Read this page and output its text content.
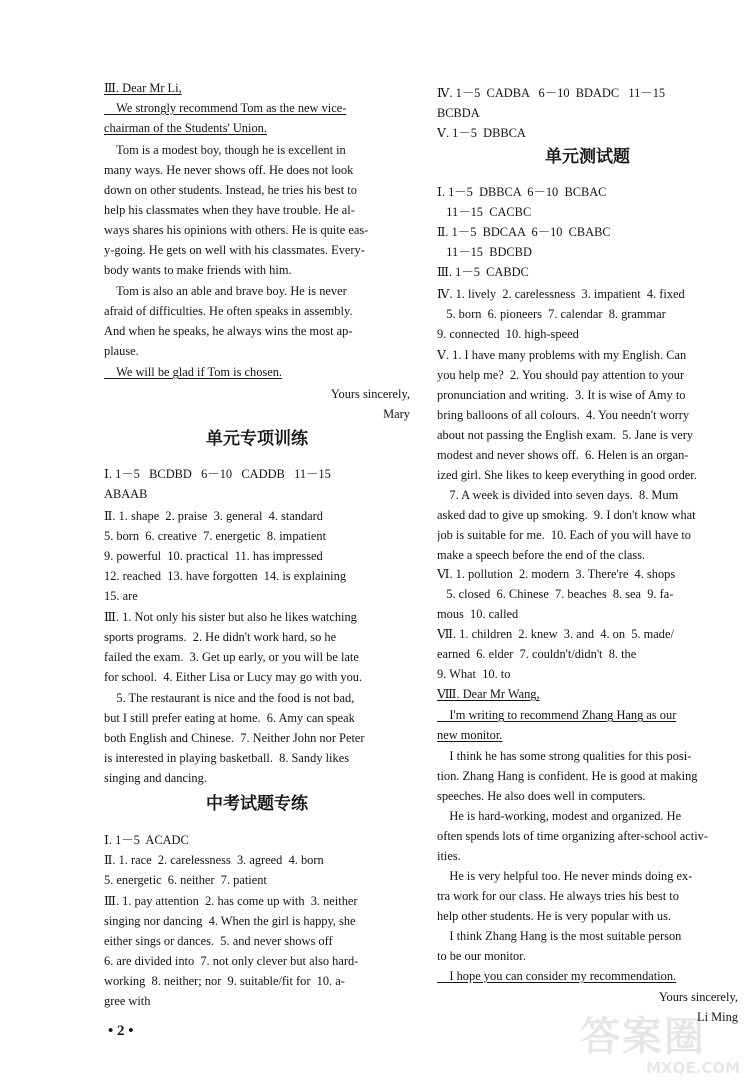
Ⅲ. Dear Mr Li,
We strongly recommend Tom as the new vice-
chairman of the Students' Union.
Tom is a modest boy, though he is excellent in
many ways. He never shows off. He does not look
down on other students. Instead, he tries his best to
help his classmates when they have trouble. He al-
ways shares his opinions with others. He is quite eas-
y-going. He gets on well with his classmates. Every-
body wants to make friends with him.
Tom is also an able and brave boy. He is never
afraid of difficulties. He often speaks in assembly.
And when he speaks, he always wins the most ap-
plause.
We will be glad if Tom is chosen.
Yours sincerely,
Mary
单元专项训练
Ⅰ. 1－5   BCDBD   6－10   CADDB   11－15
ABAAB
Ⅱ. 1. shape  2. praise  3. general  4. standard
5. born  6. creative  7. energetic  8. impatient
9. powerful  10. practical  11. has impressed
12. reached  13. have forgotten  14. is explaining
15. are
Ⅲ. 1. Not only his sister but also he likes watching
sports programs.  2. He didn't work hard, so he
failed the exam.  3. Get up early, or you will be late
for school.  4. Either Lisa or Lucy may go with you.
5. The restaurant is nice and the food is not bad,
but I still prefer eating at home.  6. Amy can speak
both English and Chinese.  7. Neither John nor Peter
is interested in playing basketball.  8. Sandy likes
singing and dancing.
中考试题专练
Ⅰ. 1－5  ACADC
Ⅱ. 1. race  2. carelessness  3. agreed  4. born
5. energetic  6. neither  7. patient
Ⅲ. 1. pay attention  2. has come up with  3. neither
singing nor dancing  4. When the girl is happy, she
either sings or dances.  5. and never shows off
6. are divided into  7. not only clever but also hard-
working  8. neither; nor  9. suitable/fit for  10. a-
gree with
Ⅳ. 1－5  CADBA   6－10  BDADC   11－15
BCBDA
Ⅴ. 1－5  DBBCA
单元测试题
Ⅰ. 1－5  DBBCA  6－10  BCBAC
11－15  CACBC
Ⅱ. 1－5  BDCAA  6－10  CBABC
11－15  BDCBD
Ⅲ. 1－5  CABDC
Ⅳ. 1. lively  2. carelessness  3. impatient  4. fixed
5. born  6. pioneers  7. calendar  8. grammar
9. connected  10. high-speed
Ⅴ. 1. I have many problems with my English. Can
you help me?  2. You should pay attention to your
pronunciation and writing.  3. It is wise of Amy to
bring balloons of all colours.  4. You needn't worry
about not passing the English exam.  5. Jane is very
modest and never shows off.  6. Helen is an organ-
ized girl. She likes to keep everything in good order.
7. A week is divided into seven days.  8. Mum
asked dad to give up smoking.  9. I don't know what
job is suitable for me.  10. Each of you will have to
make a speech before the end of the class.
Ⅵ. 1. pollution  2. modern  3. There're  4. shops
5. closed  6. Chinese  7. beaches  8. sea  9. fa-
mous  10. called
Ⅶ. 1. children  2. knew  3. and  4. on  5. made/
earned  6. elder  7. couldn't/didn't  8. the
9. What  10. to
Ⅷ. Dear Mr Wang,
I'm writing to recommend Zhang Hang as our
new monitor.
I think he has some strong qualities for this posi-
tion. Zhang Hang is confident. He is good at making
speeches. He also does well in computers.
He is hard-working, modest and organized. He
often spends lots of time organizing after-school activ-
ities.
He is very helpful too. He never minds doing ex-
tra work for our class. He always tries his best to
help other students. He is very popular with us.
I think Zhang Hang is the most suitable person
to be our monitor.
I hope you can consider my recommendation.
Yours sincerely,
Li Ming
• 2 •	答案圈
MXQE.COM
